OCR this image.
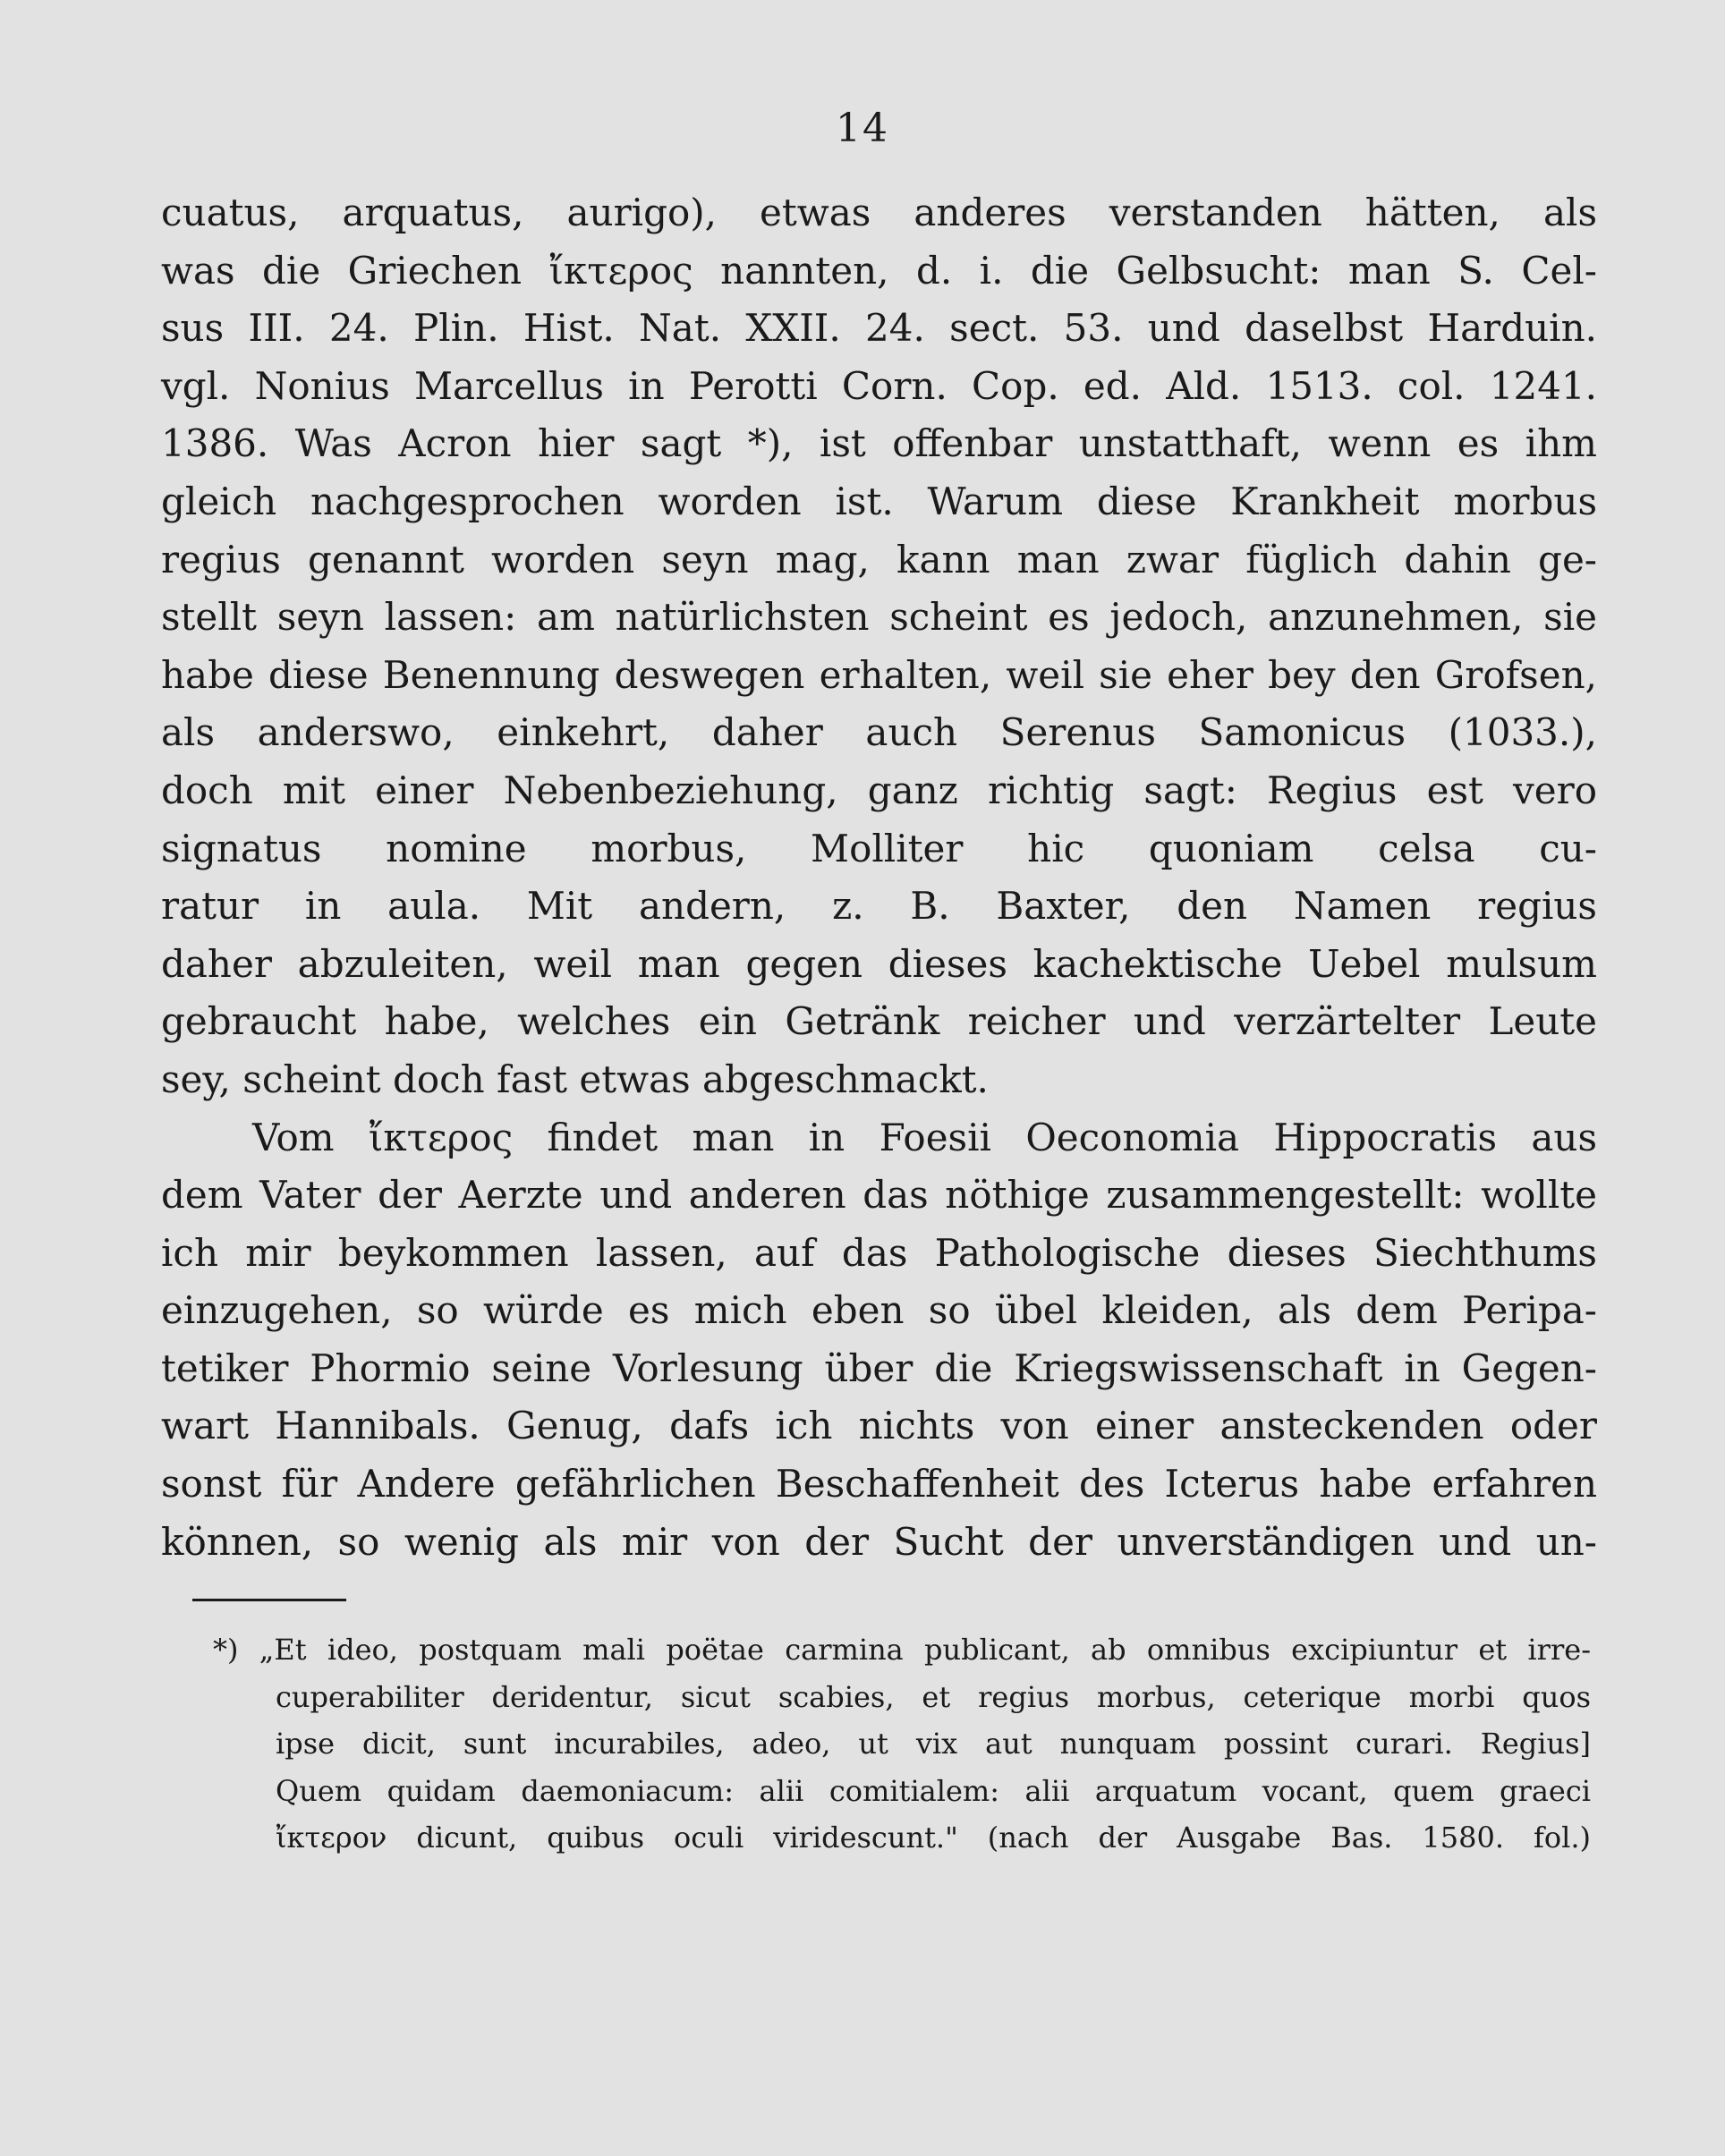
14
cuatus, arquatus, aurigo), etwas anderes verstanden hätten, als
was die Griechen ἴκτερος nannten, d. i. die Gelbsucht: man S. Cel-
sus III. 24. Plin. Hist. Nat. XXII. 24. sect. 53. und daselbst Harduin.
vgl. Nonius Marcellus in Perotti Corn. Cop. ed. Ald. 1513. col. 1241.
1386. Was Acron hier sagt *), ist offenbar unstatthaft, wenn es ihm
gleich nachgesprochen worden ist. Warum diese Krankheit morbus
regius genannt worden seyn mag, kann man zwar füglich dahin ge-
stellt seyn lassen: am natürlichsten scheint es jedoch, anzunehmen, sie
habe diese Benennung deswegen erhalten, weil sie eher bey den Grofsen,
als anderswo, einkehrt, daher auch Serenus Samonicus (1033.),
doch mit einer Nebenbeziehung, ganz richtig sagt: Regius est vero
signatus nomine morbus, Molliter hic quoniam celsa cu-
ratur in aula. Mit andern, z. B. Baxter, den Namen regius
daher abzuleiten, weil man gegen dieses kachektische Uebel mulsum
gebraucht habe, welches ein Getränk reicher und verzärtelter Leute
sey, scheint doch fast etwas abgeschmackt.
Vom ἴκτερος findet man in Foesii Oeconomia Hippocratis aus
dem Vater der Aerzte und anderen das nöthige zusammengestellt: wollte
ich mir beykommen lassen, auf das Pathologische dieses Siechthums
einzugehen, so würde es mich eben so übel kleiden, als dem Peripa-
tetiker Phormio seine Vorlesung über die Kriegswissenschaft in Gegen-
wart Hannibals. Genug, dafs ich nichts von einer ansteckenden oder
sonst für Andere gefährlichen Beschaffenheit des Icterus habe erfahren
können, so wenig als mir von der Sucht der unverständigen und un-
*) „Et ideo, postquam mali poëtae carmina publicant, ab omnibus excipiuntur et irre-
cuperabiliter deridentur, sicut scabies, et regius morbus, ceterique morbi quos
ipse dicit, sunt incurabiles, adeo, ut vix aut nunquam possint curari. Regius]
Quem quidam daemoniacum: alii comitialem: alii arquatum vocant, quem graeci
ἴκτερον dicunt, quibus oculi viridescunt." (nach der Ausgabe Bas. 1580. fol.)
